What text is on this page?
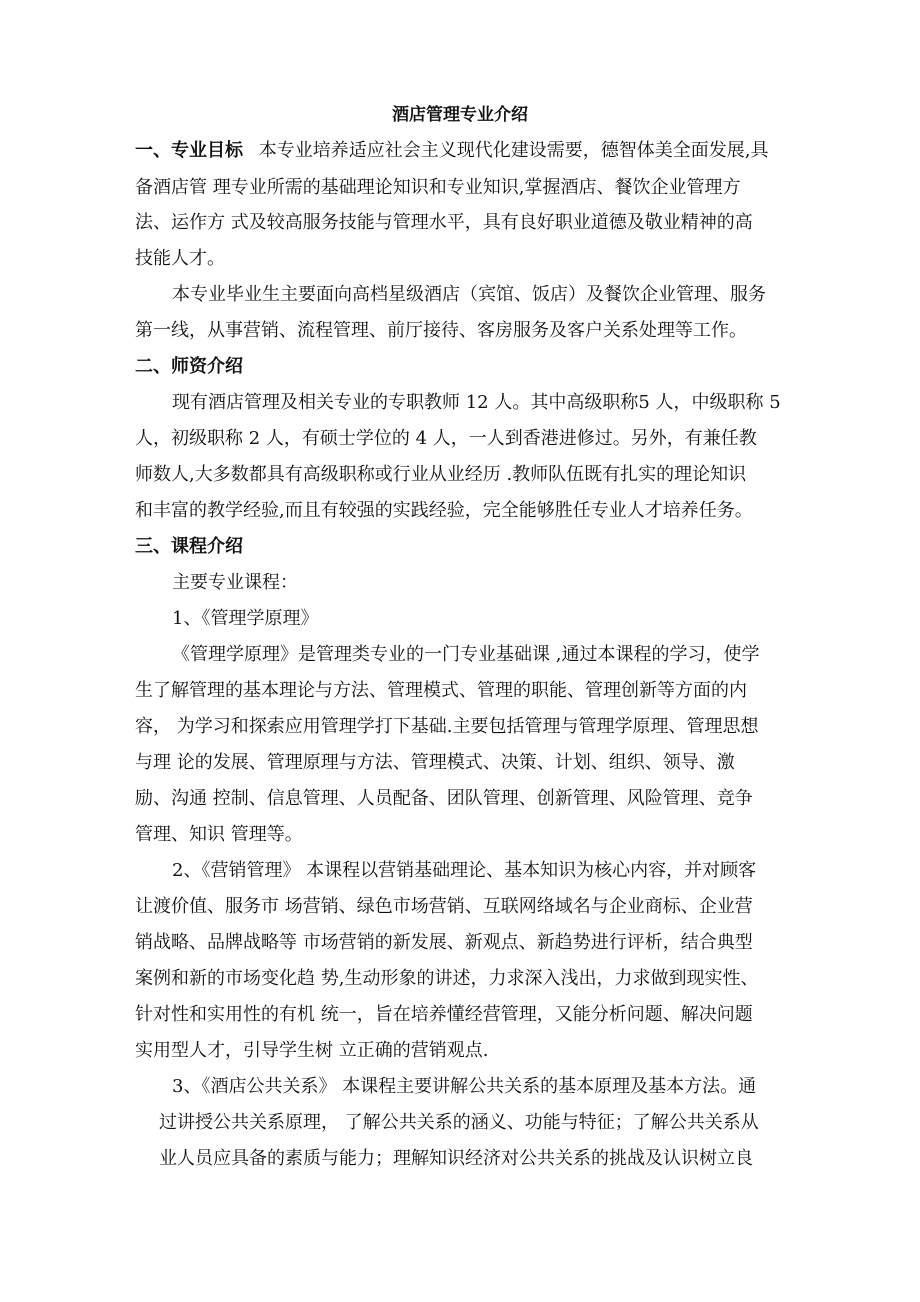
酒店管理专业介绍
一、专业目标 本专业培养适应社会主义现代化建设需要，德智体美全面发展,具
备酒店管 理专业所需的基础理论知识和专业知识,掌握酒店、餐饮企业管理方
法、运作方 式及较高服务技能与管理水平，具有良好职业道德及敬业精神的高
技能人才。
本专业毕业生主要面向高档星级酒店（宾馆、饭店）及餐饮企业管理、服务
第一线，从事营销、流程管理、前厅接待、客房服务及客户关系处理等工作。
二、师资介绍
现有酒店管理及相关专业的专职教师 12 人。其中高级职称5 人，中级职称 5
人，初级职称 2 人，有硕士学位的 4 人，一人到香港进修过。另外，有兼任教
师数人,大多数都具有高级职称或行业从业经历 .教师队伍既有扎实的理论知识
和丰富的教学经验,而且有较强的实践经验，完全能够胜任专业人才培养任务。
三、课程介绍
主要专业课程：
1、《管理学原理》
《管理学原理》是管理类专业的一门专业基础课 ,通过本课程的学习，使学
生了解管理的基本理论与方法、管理模式、管理的职能、管理创新等方面的内
容， 为学习和探索应用管理学打下基础.主要包括管理与管理学原理、管理思想
与理 论的发展、管理原理与方法、管理模式、决策、计划、组织、领导、激
励、沟通 控制、信息管理、人员配备、团队管理、创新管理、风险管理、竞争
管理、知识 管理等。
2、《营销管理》 本课程以营销基础理论、基本知识为核心内容，并对顾客
让渡价值、服务市 场营销、绿色市场营销、互联网络域名与企业商标、企业营
销战略、品牌战略等 市场营销的新发展、新观点、新趋势进行评析，结合典型
案例和新的市场变化趋 势,生动形象的讲述，力求深入浅出，力求做到现实性、
针对性和实用性的有机 统一，旨在培养懂经营管理，又能分析问题、解决问题
实用型人才，引导学生树 立正确的营销观点.
3、《酒店公共关系》 本课程主要讲解公共关系的基本原理及基本方法。通
过讲授公共关系原理， 了解公共关系的涵义、功能与特征；了解公共关系从
业人员应具备的素质与能力；理解知识经济对公共关系的挑战及认识树立良
